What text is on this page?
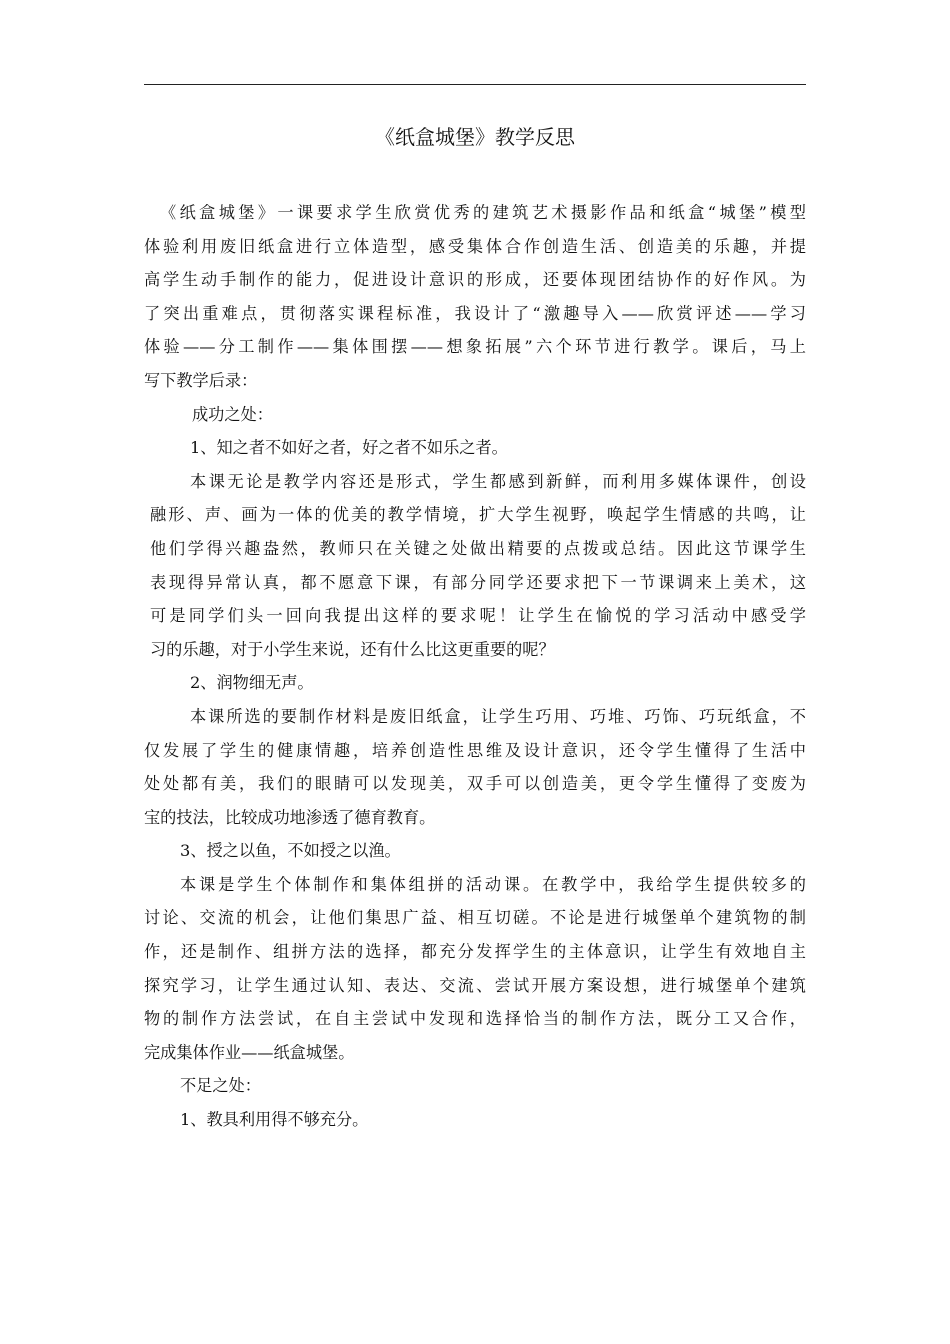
《纸盒城堡》教学反思
《纸盒城堡》一课要求学生欣赏优秀的建筑艺术摄影作品和纸盒“城堡”模型
体验利用废旧纸盒进行立体造型，感受集体合作创造生活、创造美的乐趣，并提
高学生动手制作的能力，促进设计意识的形成，还要体现团结协作的好作风。为
了突出重难点，贯彻落实课程标准，我设计了“激趣导入——欣赏评述——学习
体验——分工制作——集体围摆——想象拓展”六个环节进行教学。课后，马上
写下教学后录：
成功之处：
1、知之者不如好之者，好之者不如乐之者。
本课无论是教学内容还是形式，学生都感到新鲜，而利用多媒体课件，创设
融形、声、画为一体的优美的教学情境，扩大学生视野，唤起学生情感的共鸣，让
他们学得兴趣盎然，教师只在关键之处做出精要的点拨或总结。因此这节课学生
表现得异常认真，都不愿意下课，有部分同学还要求把下一节课调来上美术，这
可是同学们头一回向我提出这样的要求呢！让学生在愉悦的学习活动中感受学
习的乐趣，对于小学生来说，还有什么比这更重要的呢？
2、润物细无声。
本课所选的要制作材料是废旧纸盒，让学生巧用、巧堆、巧饰、巧玩纸盒，不
仅发展了学生的健康情趣，培养创造性思维及设计意识，还令学生懂得了生活中
处处都有美，我们的眼睛可以发现美，双手可以创造美，更令学生懂得了变废为
宝的技法，比较成功地渗透了德育教育。
3、授之以鱼，不如授之以渔。
本课是学生个体制作和集体组拼的活动课。在教学中，我给学生提供较多的
讨论、交流的机会，让他们集思广益、相互切磋。不论是进行城堡单个建筑物的制
作，还是制作、组拼方法的选择，都充分发挥学生的主体意识，让学生有效地自主
探究学习，让学生通过认知、表达、交流、尝试开展方案设想，进行城堡单个建筑
物的制作方法尝试，在自主尝试中发现和选择恰当的制作方法，既分工又合作，
完成集体作业——纸盒城堡。
不足之处：
1、教具利用得不够充分。
